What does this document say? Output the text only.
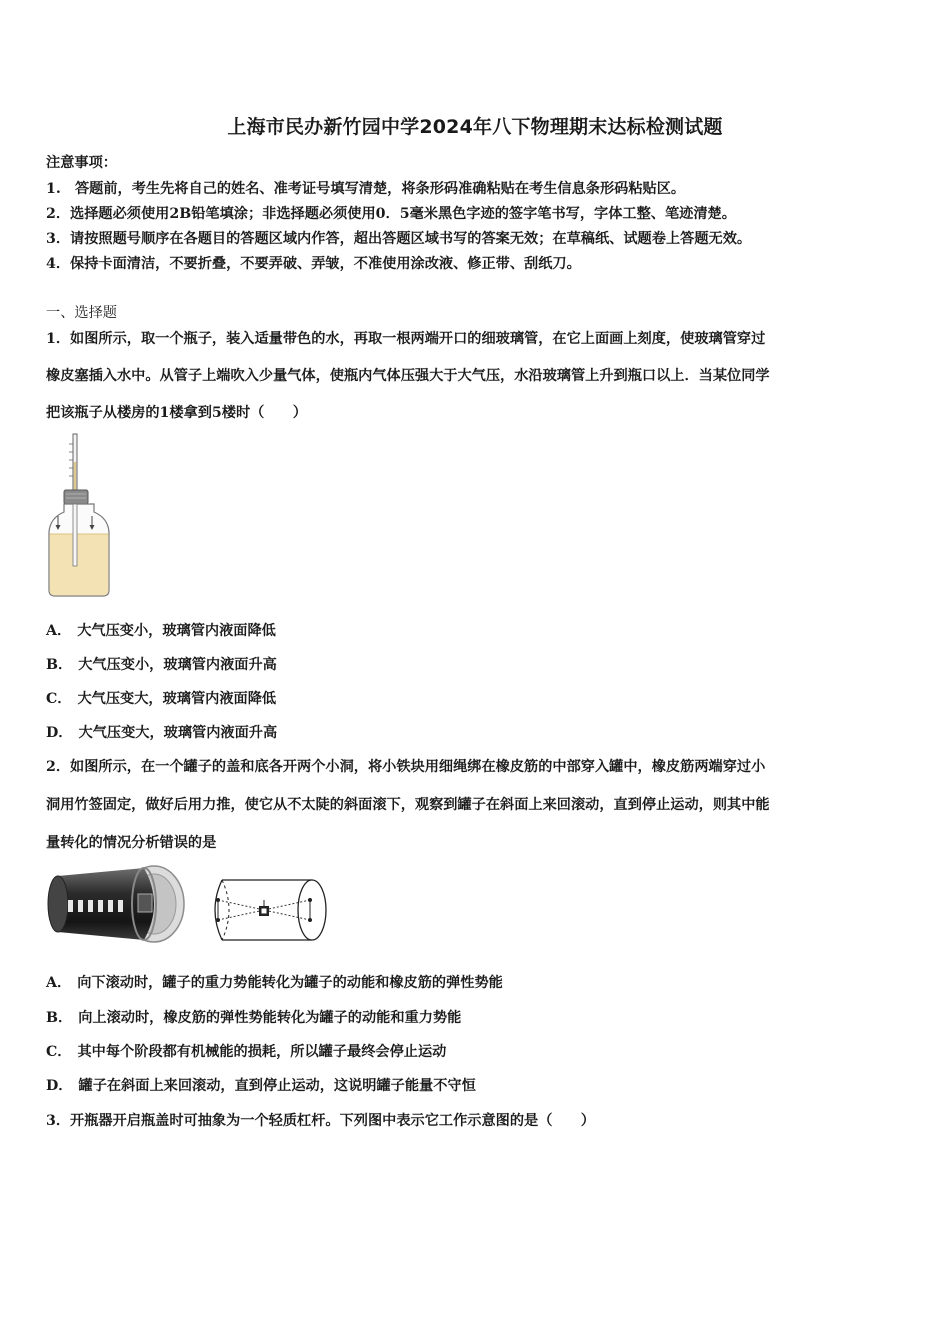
上海市民办新竹园中学2024年八下物理期末达标检测试题
注意事项：
1.　答题前，考生先将自己的姓名、准考证号填写清楚，将条形码准确粘贴在考生信息条形码粘贴区。
2．选择题必须使用2B铅笔填涂；非选择题必须使用0．5毫米黑色字迹的签字笔书写，字体工整、笔迹清楚。
3．请按照题号顺序在各题目的答题区域内作答，超出答题区域书写的答案无效；在草稿纸、试题卷上答题无效。
4．保持卡面清洁，不要折叠，不要弄破、弄皱，不准使用涂改液、修正带、刮纸刀。
一、选择题
1．如图所示，取一个瓶子，装入适量带色的水，再取一根两端开口的细玻璃管，在它上面画上刻度，使玻璃管穿过
橡皮塞插入水中。从管子上端吹入少量气体，使瓶内气体压强大于大气压，水沿玻璃管上升到瓶口以上．当某位同学
把该瓶子从楼房的1楼拿到5楼时（　　）
A． 大气压变小，玻璃管内液面降低
B． 大气压变小，玻璃管内液面升高
C． 大气压变大，玻璃管内液面降低
D． 大气压变大，玻璃管内液面升高
2．如图所示，在一个罐子的盖和底各开两个小洞，将小铁块用细绳绑在橡皮筋的中部穿入罐中，橡皮筋两端穿过小
洞用竹签固定，做好后用力推，使它从不太陡的斜面滚下，观察到罐子在斜面上来回滚动，直到停止运动，则其中能
量转化的情况分析错误的是
A． 向下滚动时，罐子的重力势能转化为罐子的动能和橡皮筋的弹性势能
B． 向上滚动时，橡皮筋的弹性势能转化为罐子的动能和重力势能
C． 其中每个阶段都有机械能的损耗，所以罐子最终会停止运动
D． 罐子在斜面上来回滚动，直到停止运动，这说明罐子能量不守恒
3．开瓶器开启瓶盖时可抽象为一个轻质杠杆。下列图中表示它工作示意图的是（　　）
